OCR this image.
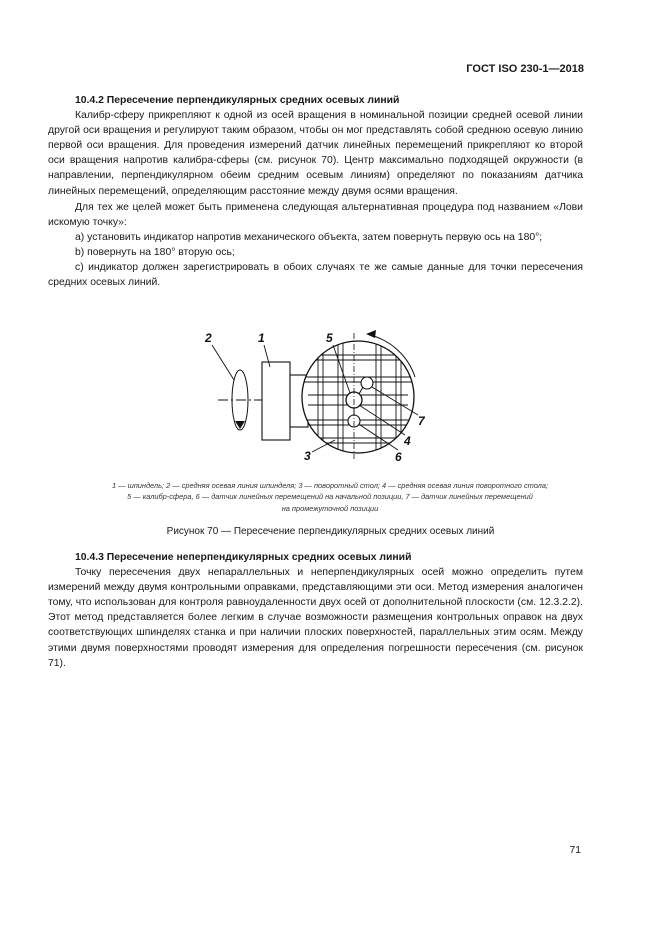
ГОСТ ISO 230-1—2018
10.4.2 Пересечение перпендикулярных средних осевых линий

Калибр-сферу прикрепляют к одной из осей вращения в номинальной позиции средней осевой линии другой оси вращения и регулируют таким образом, чтобы он мог представлять собой среднюю осевую линию первой оси вращения. Для проведения измерений датчик линейных перемещений прикрепляют ко второй оси вращения напротив калибра-сферы (см. рисунок 70). Центр максимально подходящей окружности (в направлении, перпендикулярном обеим средним осевым линиям) определяют по показаниям датчика линейных перемещений, определяющим расстояние между двумя осями вращения.

Для тех же целей может быть применена следующая альтернативная процедура под названием «Лови искомую точку»:

a) установить индикатор напротив механического объекта, затем повернуть первую ось на 180°;

b) повернуть на 180° вторую ось;

c) индикатор должен зарегистрировать в обоих случаях те же самые данные для точки пересечения средних осевых линий.

2	1	5
3
4
6
7
1 — шпиндель; 2 — средняя осевая линия шпинделя; 3 — поворотный стол; 4 — средняя осевая линия поворотного стола;
5 — калибр-сфера, 6 — датчик линейных перемещений на начальной позиции, 7 — датчик линейных перемещений
на промежуточной позиции
Рисунок 70 — Пересечение перпендикулярных средних осевых линий
10.4.3 Пересечение неперпендикулярных средних осевых линий

Точку пересечения двух непараллельных и неперпендикулярных осей можно определить путем измерений между двумя контрольными оправками, представляющими эти оси. Метод измерения аналогичен тому, что использован для контроля равноудаленности двух осей от дополнительной плоскости (см. 12.3.2.2). Этот метод представляется более легким в случае возможности размещения контрольных оправок на двух соответствующих шпинделях станка и при наличии плоских поверхностей, параллельных этим осям. Между этими двумя поверхностями проводят измерения для определения погрешности пересечения (см. рисунок 71).

71
